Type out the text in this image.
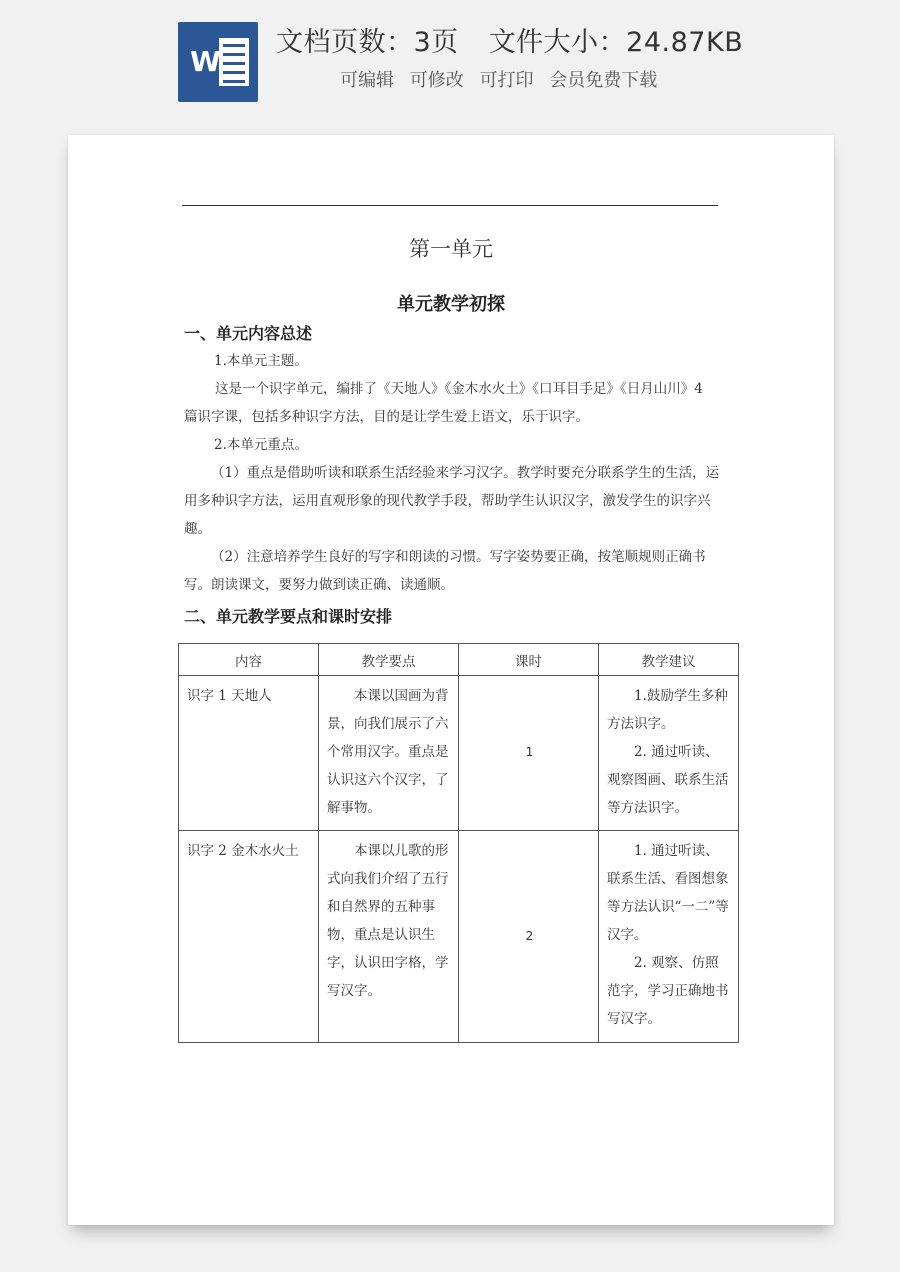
W
文档页数：3页 文件大小：24.87KB
可编辑 可修改 可打印 会员免费下载
第一单元
单元教学初探
一、单元内容总述

1.本单元主题。

这是一个识字单元，编排了《天地人》《金木水火土》《口耳目手足》《日月山川》4 篇识字课，包括多种识字方法，目的是让学生爱上语文，乐于识字。

2.本单元重点。

（1）重点是借助听读和联系生活经验来学习汉字。教学时要充分联系学生的生活，运用多种识字方法，运用直观形象的现代教学手段，帮助学生认识汉字，激发学生的识字兴趣。

（2）注意培养学生良好的写字和朗读的习惯。写字姿势要正确，按笔顺规则正确书写。朗读课文，要努力做到读正确、读通顺。

二、单元教学要点和课时安排
内容	教学要点	课时	教学建议
识字 1 天地人	本课以国画为背景，向我们展示了六个常用汉字。重点是认识这六个汉字，了解事物。	1	1.鼓励学生多种方法识字。
2. 通过听读、观察图画、联系生活等方法识字。

识字 2 金木水火土	本课以儿歌的形式向我们介绍了五行和自然界的五种事物，重点是认识生字，认识田字格，学写汉字。	2	1. 通过听读、联系生活、看图想象等方法认识“一二”等汉字。
2. 观察、仿照范字，学习正确地书写汉字。
